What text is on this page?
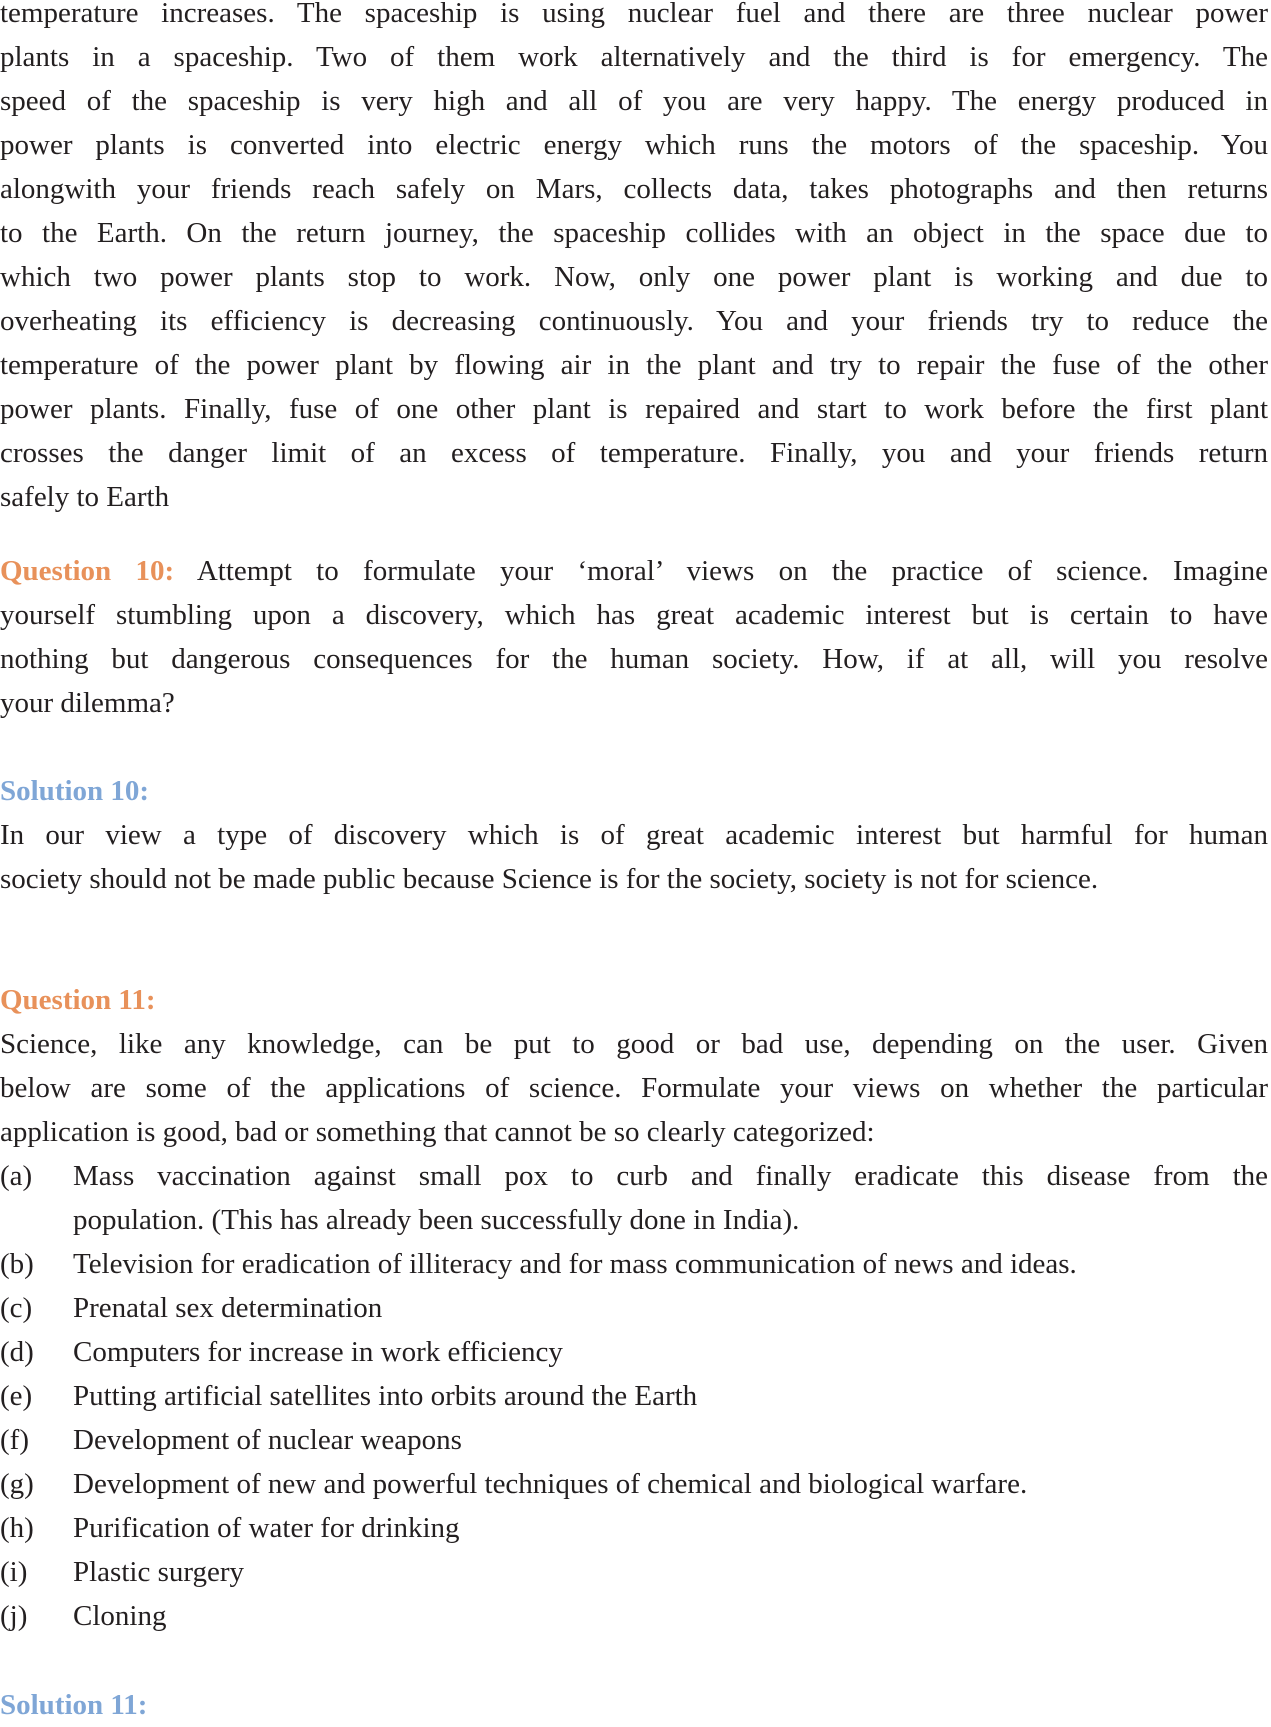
temperature increases. The spaceship is using nuclear fuel and there are three nuclear power
plants in a spaceship. Two of them work alternatively and the third is for emergency. The
speed of the spaceship is very high and all of you are very happy. The energy produced in
power plants is converted into electric energy which runs the motors of the spaceship. You
alongwith your friends reach safely on Mars, collects data, takes photographs and then returns
to the Earth. On the return journey, the spaceship collides with an object in the space due to
which two power plants stop to work. Now, only one power plant is working and due to
overheating its efficiency is decreasing continuously. You and your friends try to reduce the
temperature of the power plant by flowing air in the plant and try to repair the fuse of the other
power plants. Finally, fuse of one other plant is repaired and start to work before the first plant
crosses the danger limit of an excess of temperature. Finally, you and your friends return
safely to Earth
Question 10: Attempt to formulate your ‘moral’ views on the practice of science. Imagine
yourself stumbling upon a discovery, which has great academic interest but is certain to have
nothing but dangerous consequences for the human society. How, if at all, will you resolve
your dilemma?
Solution 10:
In our view a type of discovery which is of great academic interest but harmful for human
society should not be made public because Science is for the society, society is not for science.
Question 11:
Science, like any knowledge, can be put to good or bad use, depending on the user. Given
below are some of the applications of science. Formulate your views on whether the particular
application is good, bad or something that cannot be so clearly categorized:
(a)	Mass vaccination against small pox to curb and finally eradicate this disease from the
population. (This has already been successfully done in India).
(b)	Television for eradication of illiteracy and for mass communication of news and ideas.
(c)	Prenatal sex determination
(d)	Computers for increase in work efficiency
(e)	Putting artificial satellites into orbits around the Earth
(f)	Development of nuclear weapons
(g)	Development of new and powerful techniques of chemical and biological warfare.
(h)	Purification of water for drinking
(i)	Plastic surgery
(j)	Cloning
Solution 11:
